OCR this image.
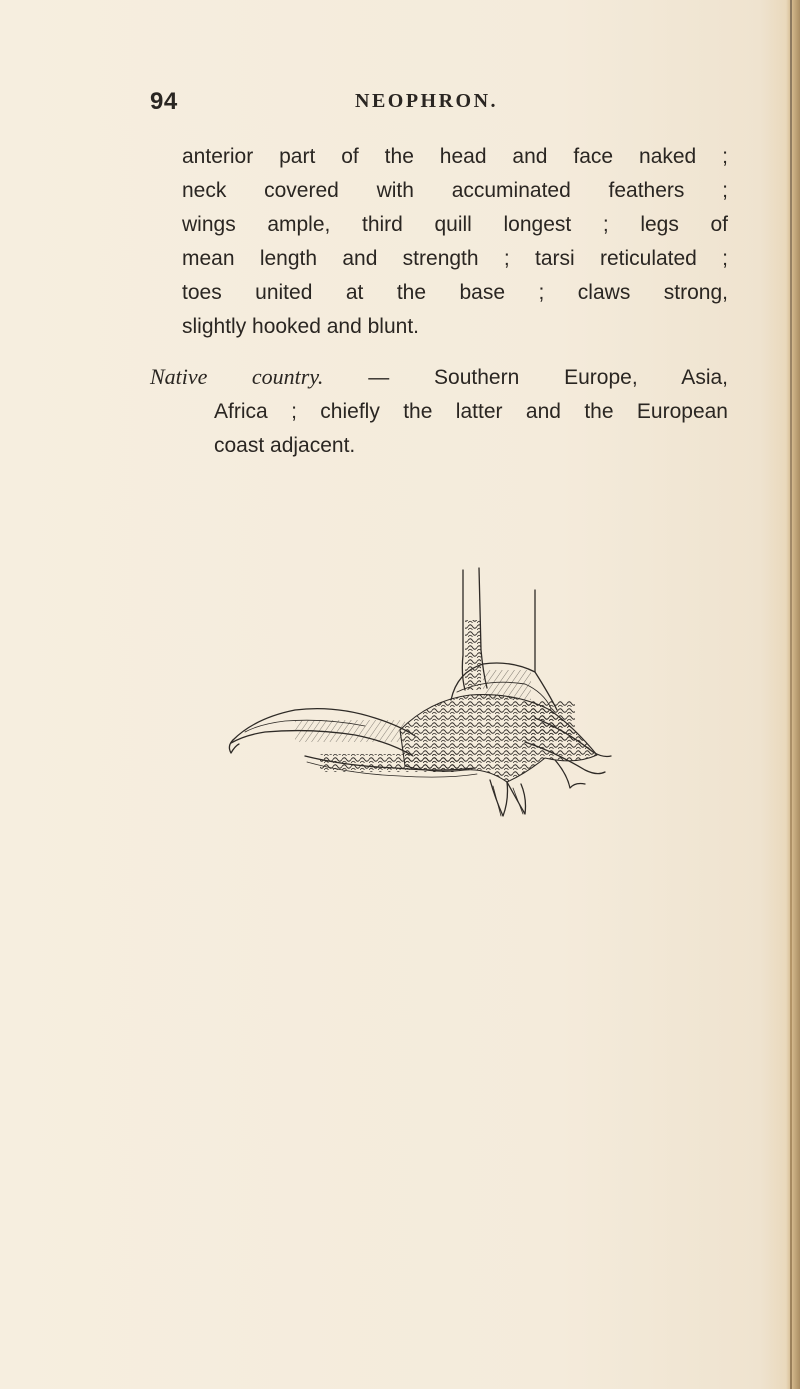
94	NEOPHRON.
anterior part of the head and face naked ;
neck covered with accuminated feathers ;
wings ample, third quill longest ; legs of
mean length and strength ; tarsi reticulated ;
toes united at the base ; claws strong,
slightly hooked and blunt.
Native country. — Southern Europe, Asia,
Africa ; chiefly the latter and the European
coast adjacent.
